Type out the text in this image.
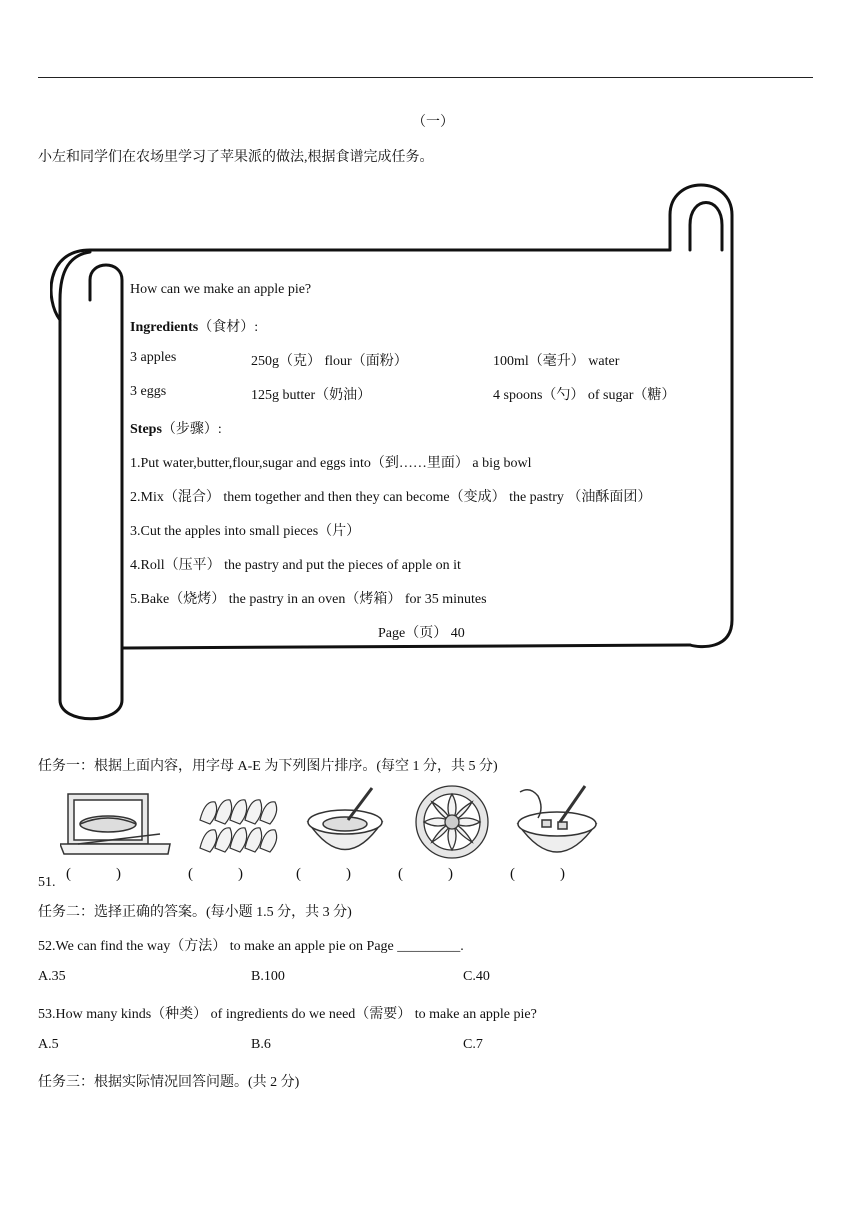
（一）
小左和同学们在农场里学习了苹果派的做法,根据食谱完成任务。
How can we make an apple pie?
Ingredients（食材）:
3 apples	250g（克） flour（面粉）	100ml（毫升） water
3 eggs	125g butter（奶油）	4 spoons（勺） of sugar（糖）
Steps（步骤）:
1.Put water,butter,flour,sugar and eggs into（到……里面） a big bowl
2.Mix（混合） them together and then they can become（变成） the pastry （油酥面团）
3.Cut the apples into small pieces（片）
4.Roll（压平） the pastry and put the pieces of apple on it
5.Bake（烧烤） the pastry in an oven（烤箱） for 35 minutes
Page（页） 40
任务一：根据上面内容，用字母 A-E 为下列图片排序。(每空 1 分，共 5 分)
(　　　)	(　　　)	(　　　)	(　　　)	(　　　)
51.
任务二：选择正确的答案。(每小题 1.5 分，共 3 分)
52.We can find the way（方法） to make an apple pie on Page _________.
A.35	B.100	C.40
53.How many kinds（种类） of ingredients do we need（需要） to make an apple pie?
A.5	B.6	C.7
任务三：根据实际情况回答问题。(共 2 分)
